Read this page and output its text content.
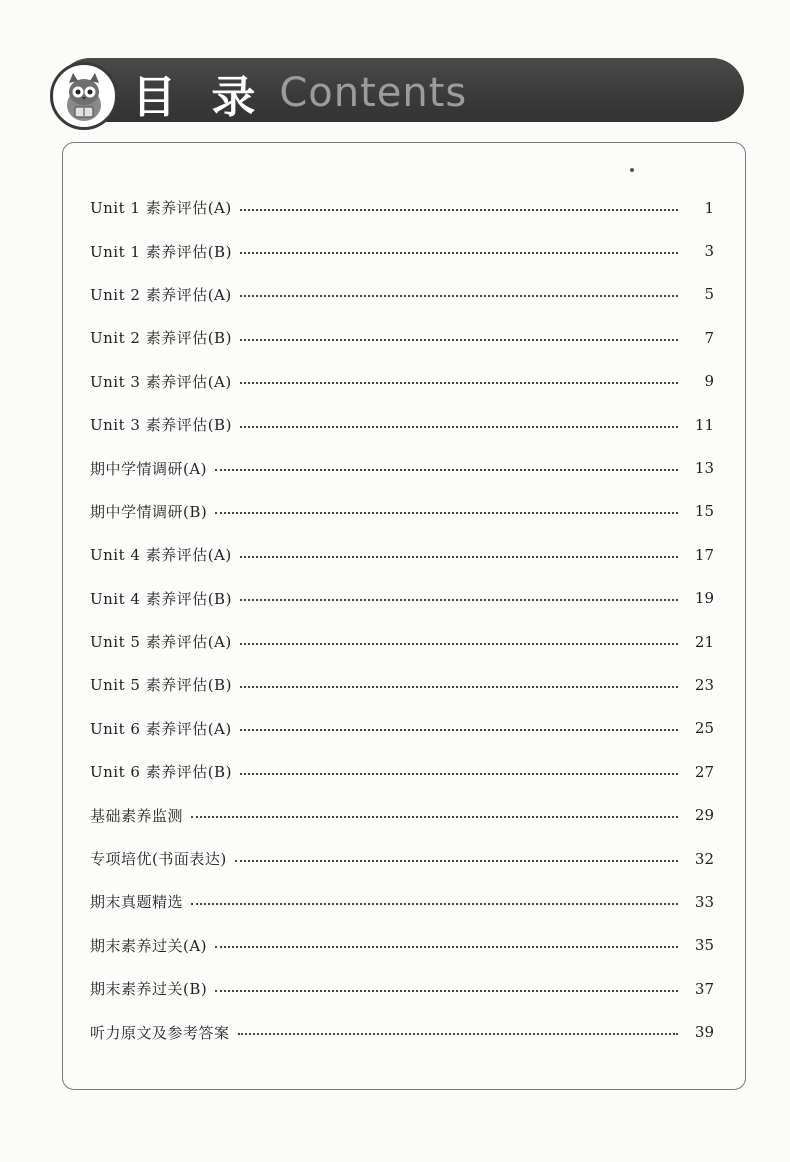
目 录 Contents
Unit 1 素养评估(A)	1
Unit 1 素养评估(B)	3
Unit 2 素养评估(A)	5
Unit 2 素养评估(B)	7
Unit 3 素养评估(A)	9
Unit 3 素养评估(B)	11
期中学情调研(A)	13
期中学情调研(B)	15
Unit 4 素养评估(A)	17
Unit 4 素养评估(B)	19
Unit 5 素养评估(A)	21
Unit 5 素养评估(B)	23
Unit 6 素养评估(A)	25
Unit 6 素养评估(B)	27
基础素养监测	29
专项培优(书面表达)	32
期末真题精选	33
期末素养过关(A)	35
期末素养过关(B)	37
听力原文及参考答案	39
